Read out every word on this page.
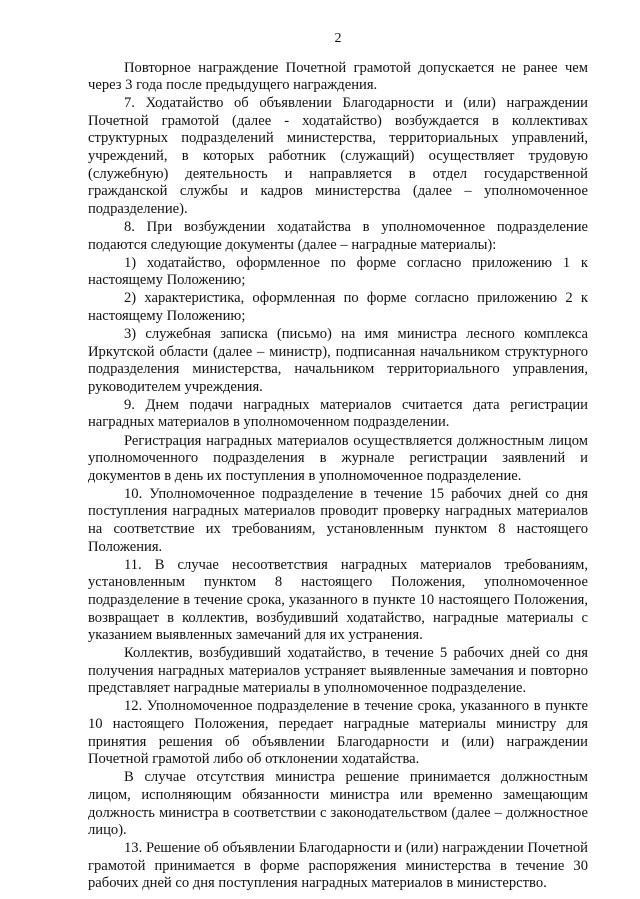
2

Повторное награждение Почетной грамотой допускается не ранее чем через 3 года после предыдущего награждения.

7. Ходатайство об объявлении Благодарности и (или) награждении Почетной грамотой (далее - ходатайство) возбуждается в коллективах структурных подразделений министерства, территориальных управлений, учреждений, в которых работник (служащий) осуществляет трудовую (служебную) деятельность и направляется в отдел государственной гражданской службы и кадров министерства (далее – уполномоченное подразделение).

8. При возбуждении ходатайства в уполномоченное подразделение подаются следующие документы (далее – наградные материалы):

1) ходатайство, оформленное по форме согласно приложению 1 к настоящему Положению;

2) характеристика, оформленная по форме согласно приложению 2 к настоящему Положению;

3) служебная записка (письмо) на имя министра лесного комплекса Иркутской области (далее – министр), подписанная начальником структурного подразделения министерства, начальником территориального управления, руководителем учреждения.

9. Днем подачи наградных материалов считается дата регистрации наградных материалов в уполномоченном подразделении.

Регистрация наградных материалов осуществляется должностным лицом уполномоченного подразделения в журнале регистрации заявлений и документов в день их поступления в уполномоченное подразделение.

10. Уполномоченное подразделение в течение 15 рабочих дней со дня поступления наградных материалов проводит проверку наградных материалов на соответствие их требованиям, установленным пунктом 8 настоящего Положения.

11. В случае несоответствия наградных материалов требованиям, установленным пунктом 8 настоящего Положения, уполномоченное подразделение в течение срока, указанного в пункте 10 настоящего Положения, возвращает в коллектив, возбудивший ходатайство, наградные материалы с указанием выявленных замечаний для их устранения.

Коллектив, возбудивший ходатайство, в течение 5 рабочих дней со дня получения наградных материалов устраняет выявленные замечания и повторно представляет наградные материалы в уполномоченное подразделение.

12. Уполномоченное подразделение в течение срока, указанного в пункте 10 настоящего Положения, передает наградные материалы министру для принятия решения об объявлении Благодарности и (или) награждении Почетной грамотой либо об отклонении ходатайства.

В случае отсутствия министра решение принимается должностным лицом, исполняющим обязанности министра или временно замещающим должность министра в соответствии с законодательством (далее – должностное лицо).

13. Решение об объявлении Благодарности и (или) награждении Почетной грамотой принимается в форме распоряжения министерства в течение 30 рабочих дней со дня поступления наградных материалов в министерство.
